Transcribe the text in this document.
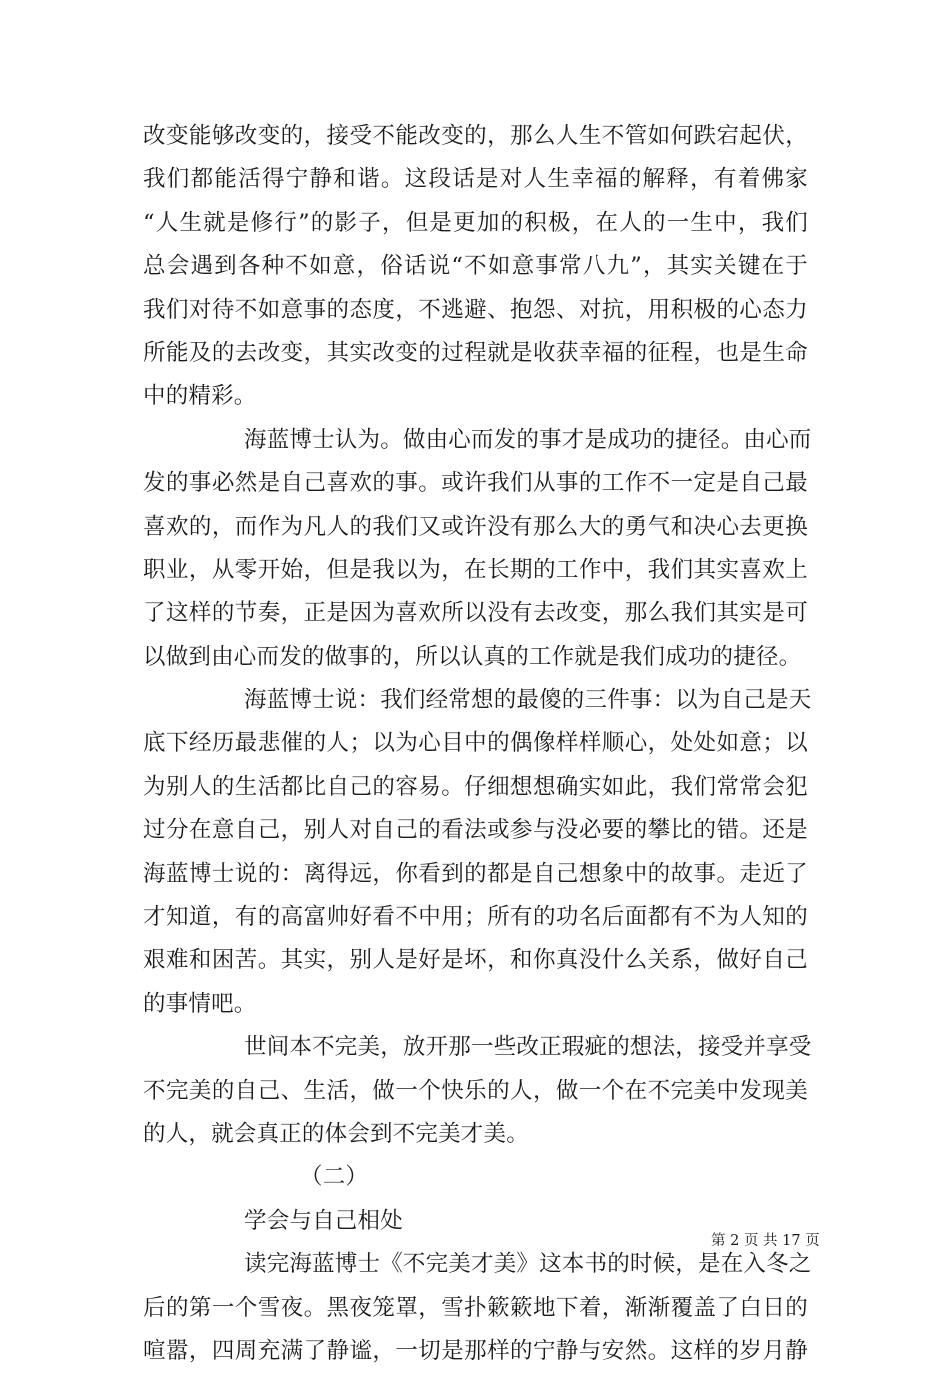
改变能够改变的，接受不能改变的，那么人生不管如何跌宕起伏，
我们都能活得宁静和谐。这段话是对人生幸福的解释，有着佛家
“人生就是修行”的影子，但是更加的积极，在人的一生中，我们
总会遇到各种不如意，俗话说“不如意事常八九”，其实关键在于
我们对待不如意事的态度，不逃避、抱怨、对抗，用积极的心态力
所能及的去改变，其实改变的过程就是收获幸福的征程，也是生命
中的精彩。
海蓝博士认为。做由心而发的事才是成功的捷径。由心而
发的事必然是自己喜欢的事。或许我们从事的工作不一定是自己最
喜欢的，而作为凡人的我们又或许没有那么大的勇气和决心去更换
职业，从零开始，但是我以为，在长期的工作中，我们其实喜欢上
了这样的节奏，正是因为喜欢所以没有去改变，那么我们其实是可
以做到由心而发的做事的，所以认真的工作就是我们成功的捷径。
海蓝博士说：我们经常想的最傻的三件事：以为自己是天
底下经历最悲催的人；以为心目中的偶像样样顺心，处处如意；以
为别人的生活都比自己的容易。仔细想想确实如此，我们常常会犯
过分在意自己，别人对自己的看法或参与没必要的攀比的错。还是
海蓝博士说的：离得远，你看到的都是自己想象中的故事。走近了
才知道，有的高富帅好看不中用；所有的功名后面都有不为人知的
艰难和困苦。其实，别人是好是坏，和你真没什么关系，做好自己
的事情吧。
世间本不完美，放开那一些改正瑕疵的想法，接受并享受
不完美的自己、生活，做一个快乐的人，做一个在不完美中发现美
的人，就会真正的体会到不完美才美。
（二）
学会与自己相处
读完海蓝博士《不完美才美》这本书的时候，是在入冬之
后的第一个雪夜。黑夜笼罩，雪扑簌簌地下着，渐渐覆盖了白日的
喧嚣，四周充满了静谧，一切是那样的宁静与安然。这样的岁月静
第 2 页 共 17 页
